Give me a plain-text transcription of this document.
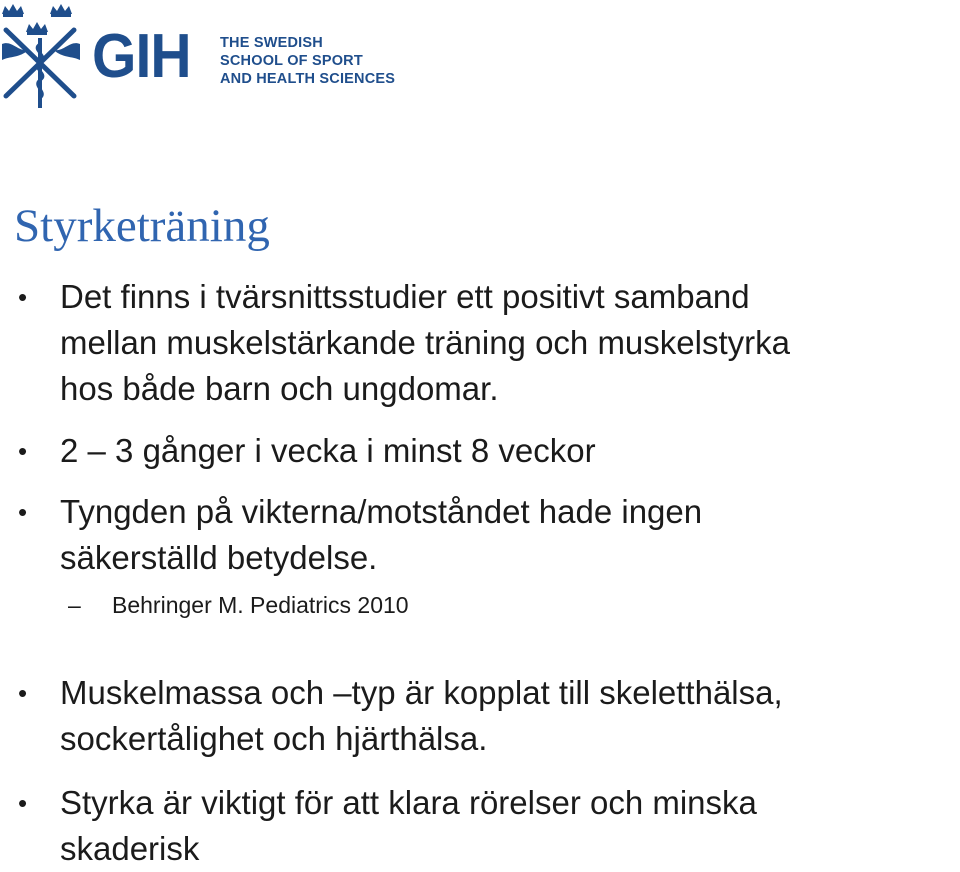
GIH THE SWEDISH
SCHOOL OF SPORT
AND HEALTH SCIENCES
Styrketräning
• Det finns i tvärsnittsstudier ett positivt samband
mellan muskelstärkande träning och muskelstyrka
hos både barn och ungdomar.
• 2 – 3 gånger i vecka i minst 8 veckor
• Tyngden på vikterna/motståndet hade ingen
säkerställd betydelse.
– Behringer M. Pediatrics 2010
• Muskelmassa och –typ är kopplat till skeletthälsa,
sockertålighet och hjärthälsa.
• Styrka är viktigt för att klara rörelser och minska
skaderisk
